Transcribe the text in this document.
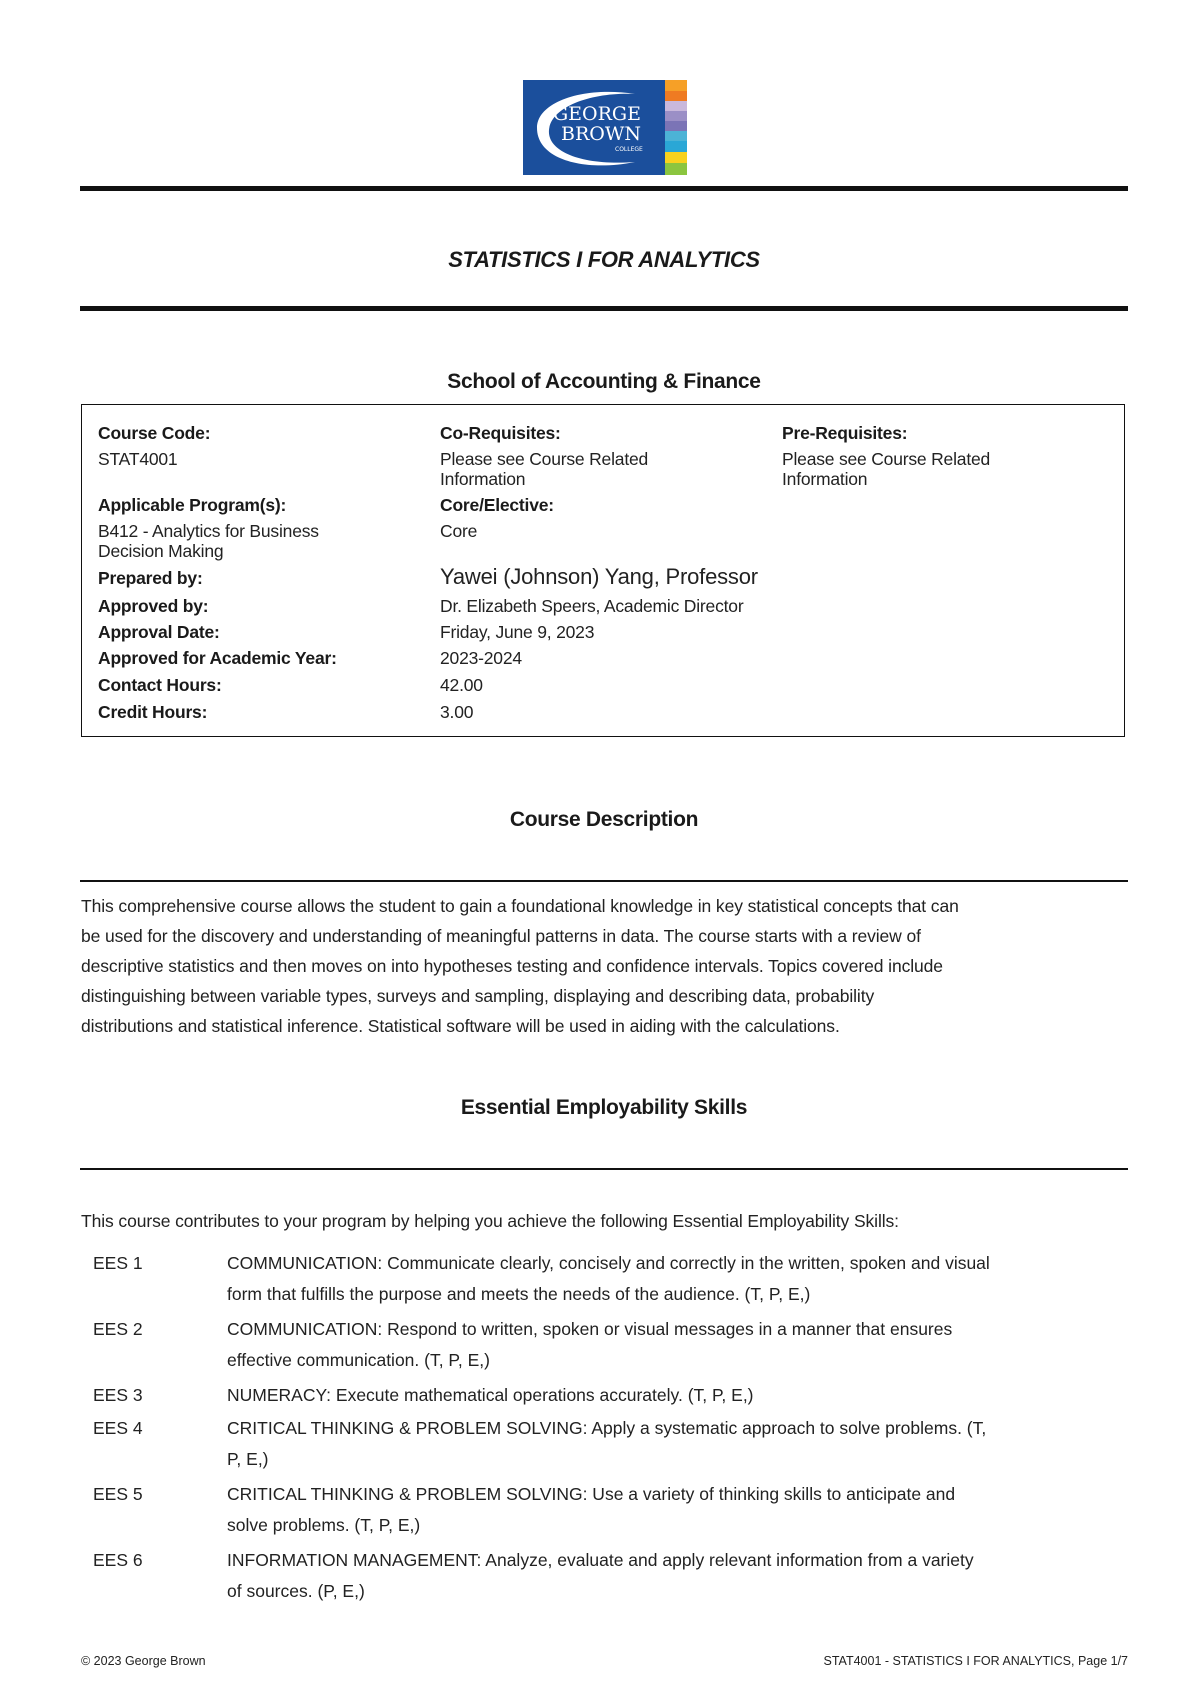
GEORGE
BROWN
COLLEGE
STATISTICS I FOR ANALYTICS
School of Accounting & Finance
Course Code:
STAT4001
Co-Requisites:
Please see Course Related
Information
Pre-Requisites:
Please see Course Related
Information
Applicable Program(s):
B412 - Analytics for Business
Decision Making
Core/Elective:
Core
Prepared by:	Yawei (Johnson) Yang, Professor
Approved by:	Dr. Elizabeth Speers, Academic Director
Approval Date:	Friday, June 9, 2023
Approved for Academic Year:	2023-2024
Contact Hours:	42.00
Credit Hours:	3.00
Course Description
This comprehensive course allows the student to gain a foundational knowledge in key statistical concepts that can
be used for the discovery and understanding of meaningful patterns in data. The course starts with a review of
descriptive statistics and then moves on into hypotheses testing and confidence intervals. Topics covered include
distinguishing between variable types, surveys and sampling, displaying and describing data, probability
distributions and statistical inference. Statistical software will be used in aiding with the calculations.
Essential Employability Skills
This course contributes to your program by helping you achieve the following Essential Employability Skills:
EES 1	COMMUNICATION: Communicate clearly, concisely and correctly in the written, spoken and visual
form that fulfills the purpose and meets the needs of the audience. (T, P, E,)
EES 2	COMMUNICATION: Respond to written, spoken or visual messages in a manner that ensures
effective communication. (T, P, E,)
EES 3	NUMERACY: Execute mathematical operations accurately. (T, P, E,)
EES 4	CRITICAL THINKING & PROBLEM SOLVING: Apply a systematic approach to solve problems. (T,
P, E,)
EES 5	CRITICAL THINKING & PROBLEM SOLVING: Use a variety of thinking skills to anticipate and
solve problems. (T, P, E,)
EES 6	INFORMATION MANAGEMENT: Analyze, evaluate and apply relevant information from a variety
of sources. (P, E,)
© 2023 George Brown	STAT4001 - STATISTICS I FOR ANALYTICS, Page 1/7
